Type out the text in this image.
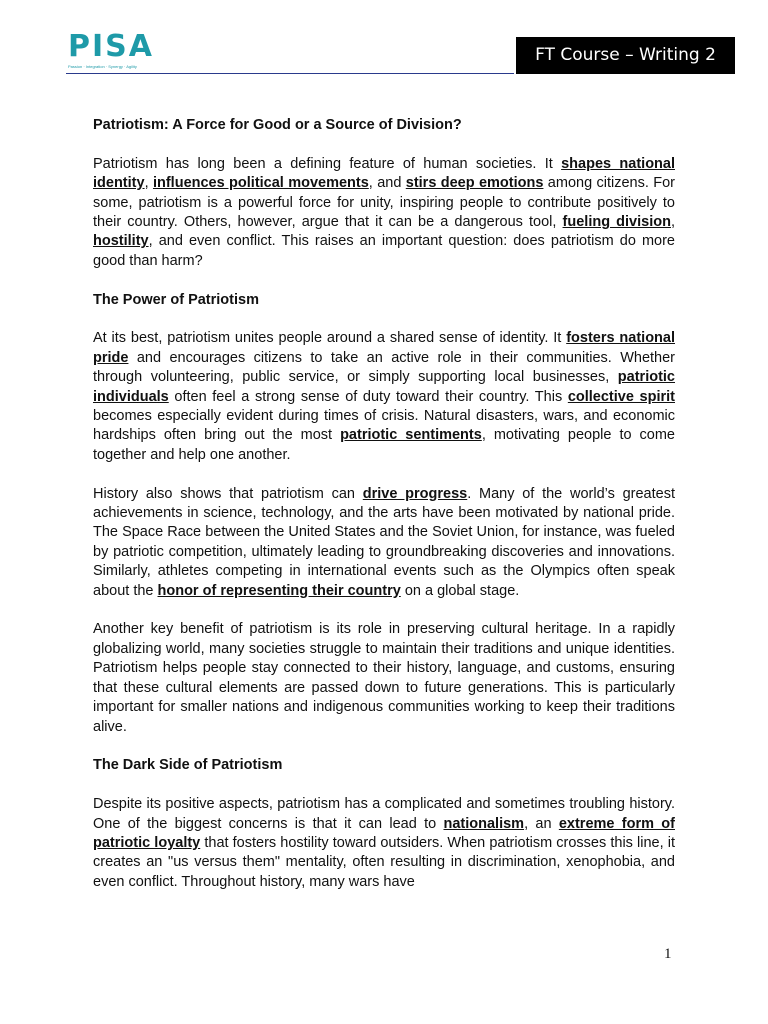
PISA
Passion · Integration · Synergy · Agility
FT Course – Writing 2
Patriotism: A Force for Good or a Source of Division?

Patriotism has long been a defining feature of human societies. It shapes national identity, influences political movements, and stirs deep emotions among citizens. For some, patriotism is a powerful force for unity, inspiring people to contribute positively to their country. Others, however, argue that it can be a dangerous tool, fueling division, hostility, and even conflict. This raises an important question: does patriotism do more good than harm?

The Power of Patriotism

At its best, patriotism unites people around a shared sense of identity. It fosters national pride and encourages citizens to take an active role in their communities. Whether through volunteering, public service, or simply supporting local businesses, patriotic individuals often feel a strong sense of duty toward their country. This collective spirit becomes especially evident during times of crisis. Natural disasters, wars, and economic hardships often bring out the most patriotic sentiments, motivating people to come together and help one another.

History also shows that patriotism can drive progress. Many of the world’s greatest achievements in science, technology, and the arts have been motivated by national pride. The Space Race between the United States and the Soviet Union, for instance, was fueled by patriotic competition, ultimately leading to groundbreaking discoveries and innovations. Similarly, athletes competing in international events such as the Olympics often speak about the honor of representing their country on a global stage.

Another key benefit of patriotism is its role in preserving cultural heritage. In a rapidly globalizing world, many societies struggle to maintain their traditions and unique identities. Patriotism helps people stay connected to their history, language, and customs, ensuring that these cultural elements are passed down to future generations. This is particularly important for smaller nations and indigenous communities working to keep their traditions alive.

The Dark Side of Patriotism

Despite its positive aspects, patriotism has a complicated and sometimes troubling history. One of the biggest concerns is that it can lead to nationalism, an extreme form of patriotic loyalty that fosters hostility toward outsiders. When patriotism crosses this line, it creates an "us versus them" mentality, often resulting in discrimination, xenophobia, and even conflict. Throughout history, many wars have

1
